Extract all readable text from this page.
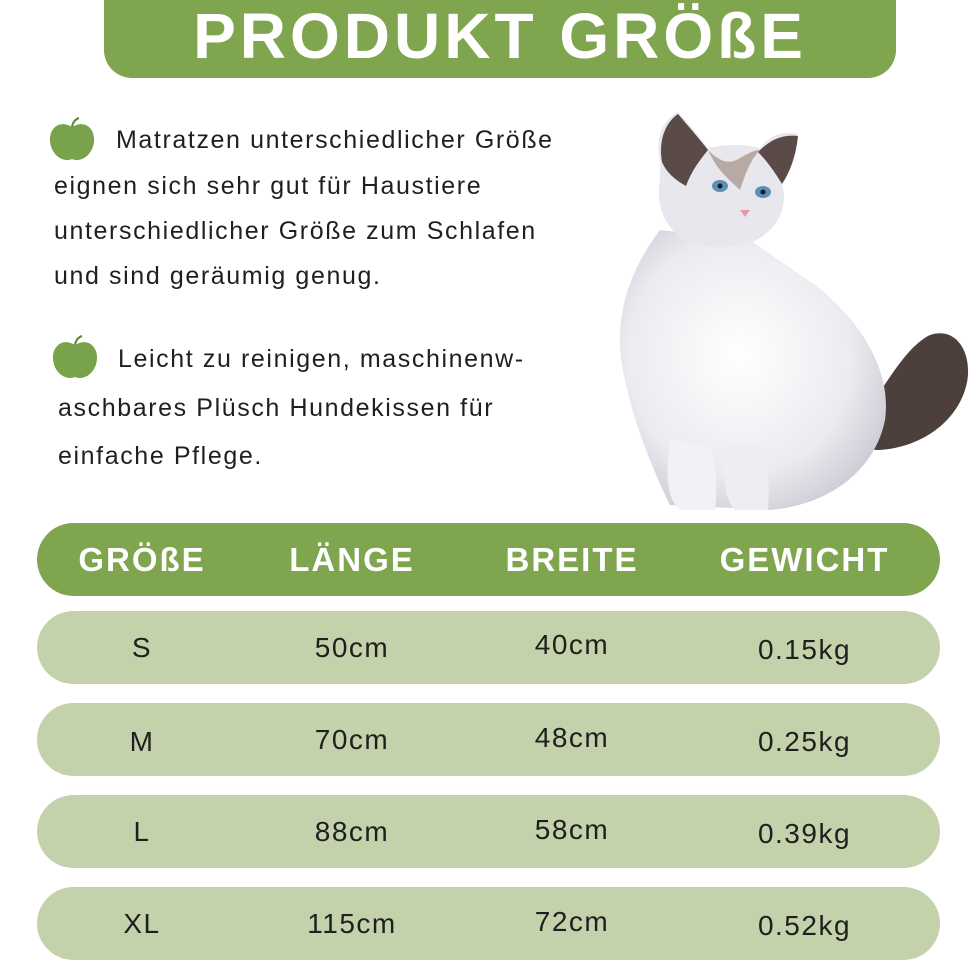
PRODUKT GRÖßE
Matratzen unterschiedlicher Größe
eignen sich sehr gut für Haustiere
unterschiedlicher Größe zum Schlafen
und sind geräumig genug.
Leicht zu reinigen, maschinenw-
aschbares Plüsch Hundekissen für
einfache Pflege.
GRÖßE	LÄNGE	BREITE	GEWICHT
S	50cm	40cm	0.15kg
M	70cm	48cm	0.25kg
L	88cm	58cm	0.39kg
XL	115cm	72cm	0.52kg
